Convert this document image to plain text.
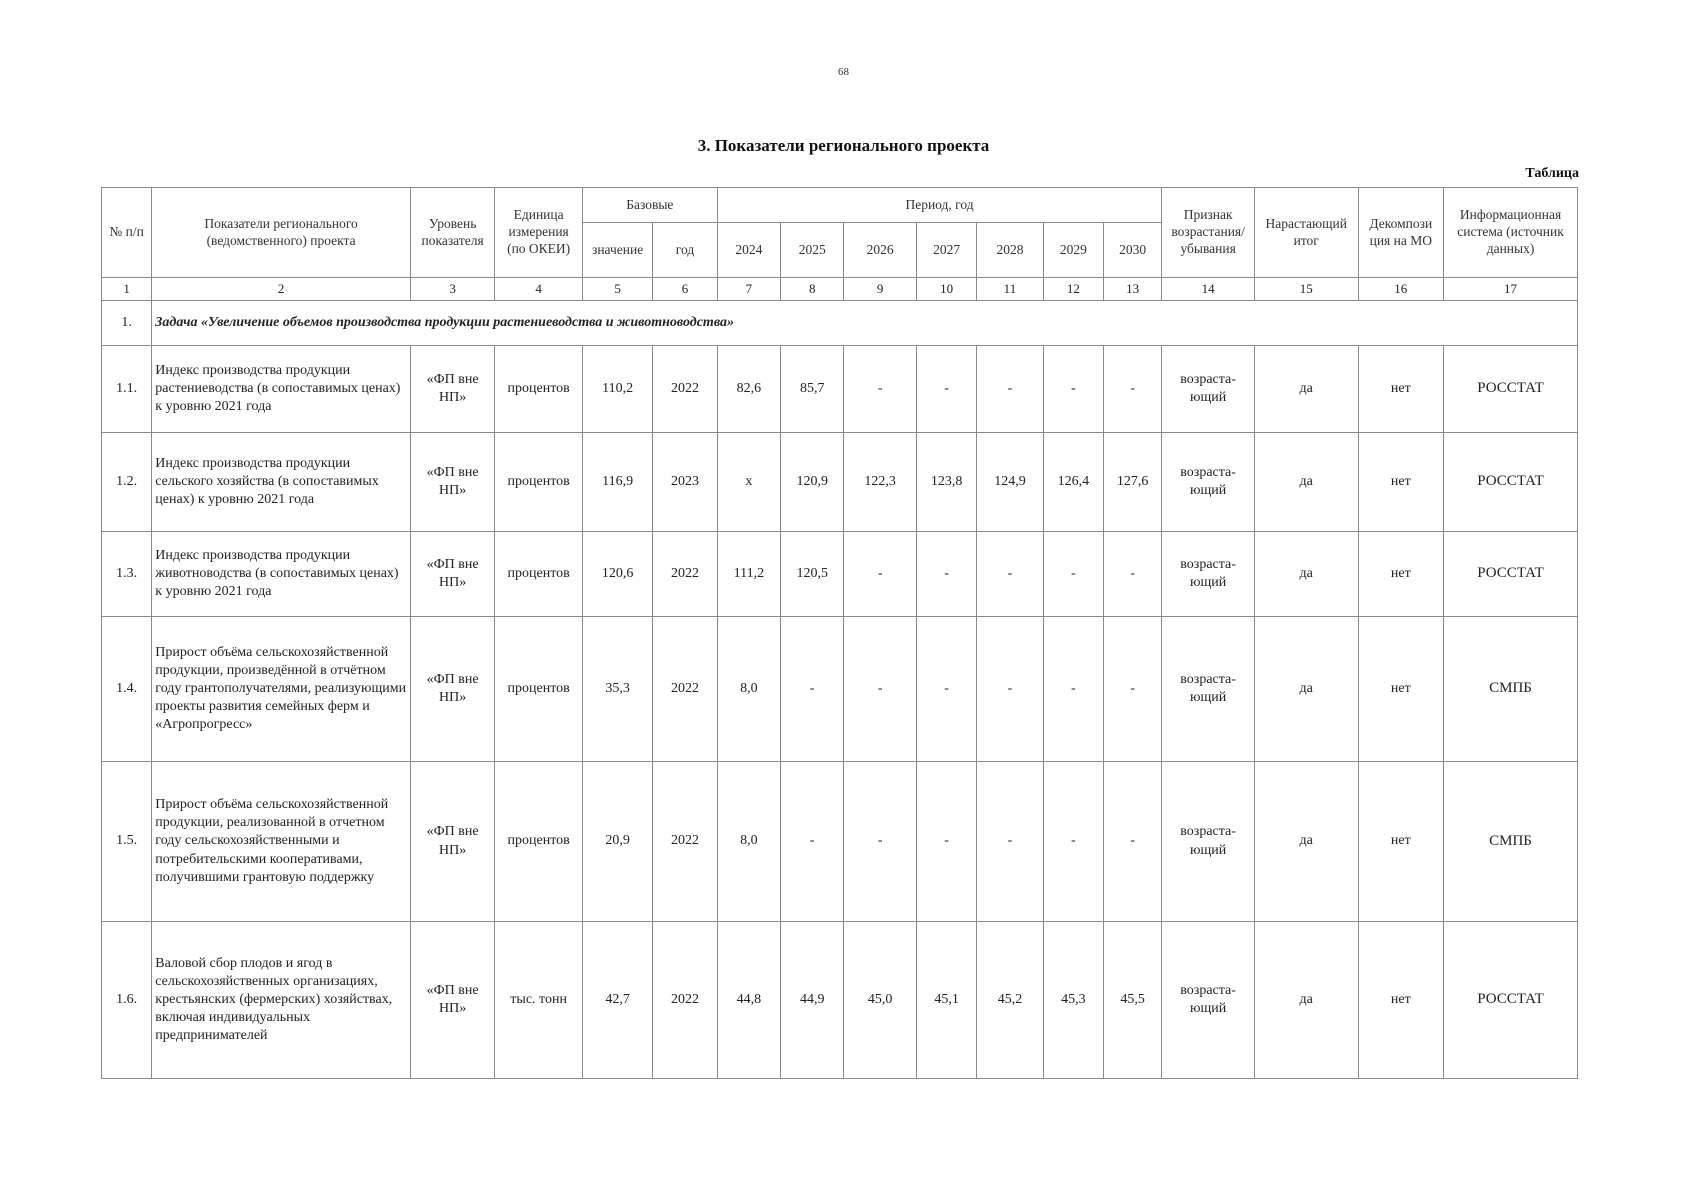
68
3. Показатели регионального проекта
Таблица
№ п/п	Показатели регионального (ведомственного) проекта	Уровень показателя	Единица измерения (по ОКЕИ)	Базовые		Период, год							Признак возрастания/ убывания	Нарастающий итог	Декомпози ция на МО	Информационная система (источник данных)
				значение	год	2024	2025	2026	2027	2028	2029	2030				
1	2	3	4	5	6	7	8	9	10	11	12	13	14	15	16	17
1.	Задача «Увеличение объемов производства продукции растениеводства и животноводства»															
1.1.	Индекс производства продукции растениеводства (в сопоставимых ценах) к уровню 2021 года	«ФП вне НП»	процентов	110,2	2022	82,6	85,7	-	-	-	-	-	возраста-ющий	да	нет	РОССТАТ
1.2.	Индекс производства продукции сельского хозяйства (в сопоставимых ценах) к уровню 2021 года	«ФП вне НП»	процентов	116,9	2023	х	120,9	122,3	123,8	124,9	126,4	127,6	возраста-ющий	да	нет	РОССТАТ
1.3.	Индекс производства продукции животноводства (в сопоставимых ценах) к уровню 2021 года	«ФП вне НП»	процентов	120,6	2022	111,2	120,5	-	-	-	-	-	возраста-ющий	да	нет	РОССТАТ
1.4.	Прирост объёма сельскохозяйственной продукции, произведённой в отчётном году грантополучателями, реализующими проекты развития семейных ферм и «Агропрогресс»	«ФП вне НП»	процентов	35,3	2022	8,0	-	-	-	-	-	-	возраста-ющий	да	нет	СМПБ
1.5.	Прирост объёма сельскохозяйственной продукции, реализованной в отчетном году сельскохозяйственными и потребительскими кооперативами, получившими грантовую поддержку	«ФП вне НП»	процентов	20,9	2022	8,0	-	-	-	-	-	-	возраста-ющий	да	нет	СМПБ
1.6.	Валовой сбор плодов и ягод в сельскохозяйственных организациях, крестьянских (фермерских) хозяйствах, включая индивидуальных предпринимателей	«ФП вне НП»	тыс. тонн	42,7	2022	44,8	44,9	45,0	45,1	45,2	45,3	45,5	возраста-ющий	да	нет	РОССТАТ
